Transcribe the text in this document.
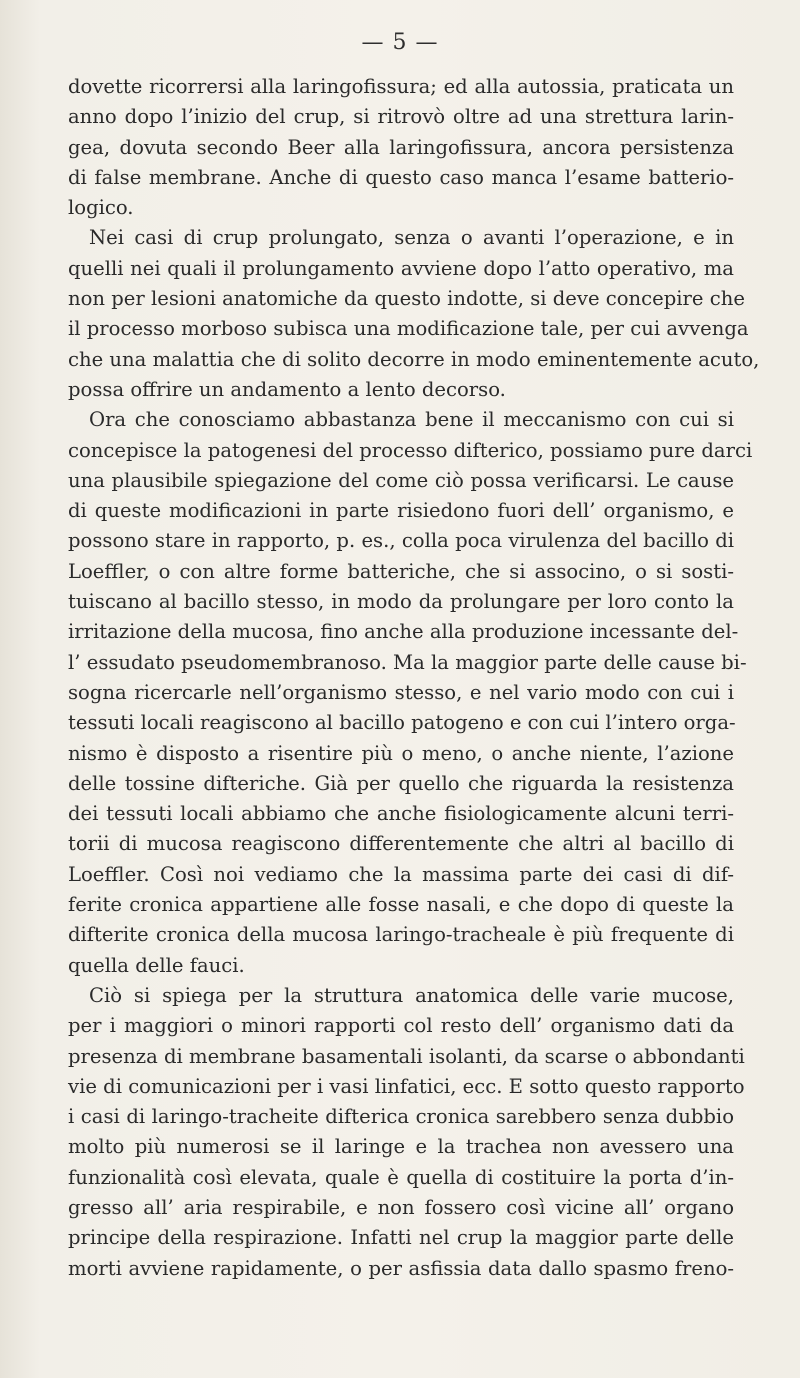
— 5 —
dovette ricorrersi alla laringofissura; ed alla autossia, praticata un
anno dopo l’inizio del crup, si ritrovò oltre ad una strettura larin-
gea, dovuta secondo Beer alla laringofissura, ancora persistenza
di false membrane. Anche di questo caso manca l’esame batterio-
logico.
Nei casi di crup prolungato, senza o avanti l’operazione, e in
quelli nei quali il prolungamento avviene dopo l’atto operativo, ma
non per lesioni anatomiche da questo indotte, si deve concepire che
il processo morboso subisca una modificazione tale, per cui avvenga
che una malattia che di solito decorre in modo eminentemente acuto,
possa offrire un andamento a lento decorso.
Ora che conosciamo abbastanza bene il meccanismo con cui si
concepisce la patogenesi del processo difterico, possiamo pure darci
una plausibile spiegazione del come ciò possa verificarsi. Le cause
di queste modificazioni in parte risiedono fuori dell’ organismo, e
possono stare in rapporto, p. es., colla poca virulenza del bacillo di
Loeffler, o con altre forme batteriche, che si associno, o si sosti-
tuiscano al bacillo stesso, in modo da prolungare per loro conto la
irritazione della mucosa, fino anche alla produzione incessante del-
l’ essudato pseudomembranoso. Ma la maggior parte delle cause bi-
sogna ricercarle nell’organismo stesso, e nel vario modo con cui i
tessuti locali reagiscono al bacillo patogeno e con cui l’intero orga-
nismo è disposto a risentire più o meno, o anche niente, l’azione
delle tossine difteriche. Già per quello che riguarda la resistenza
dei tessuti locali abbiamo che anche fisiologicamente alcuni terri-
torii di mucosa reagiscono differentemente che altri al bacillo di
Loeffler. Così noi vediamo che la massima parte dei casi di dif-
ferite cronica appartiene alle fosse nasali, e che dopo di queste la
difterite cronica della mucosa laringo-tracheale è più frequente di
quella delle fauci.
Ciò si spiega per la struttura anatomica delle varie mucose,
per i maggiori o minori rapporti col resto dell’ organismo dati da
presenza di membrane basamentali isolanti, da scarse o abbondanti
vie di comunicazioni per i vasi linfatici, ecc. E sotto questo rapporto
i casi di laringo-tracheite difterica cronica sarebbero senza dubbio
molto più numerosi se il laringe e la trachea non avessero una
funzionalità così elevata, quale è quella di costituire la porta d’in-
gresso all’ aria respirabile, e non fossero così vicine all’ organo
principe della respirazione. Infatti nel crup la maggior parte delle
morti avviene rapidamente, o per asfissia data dallo spasmo freno-
